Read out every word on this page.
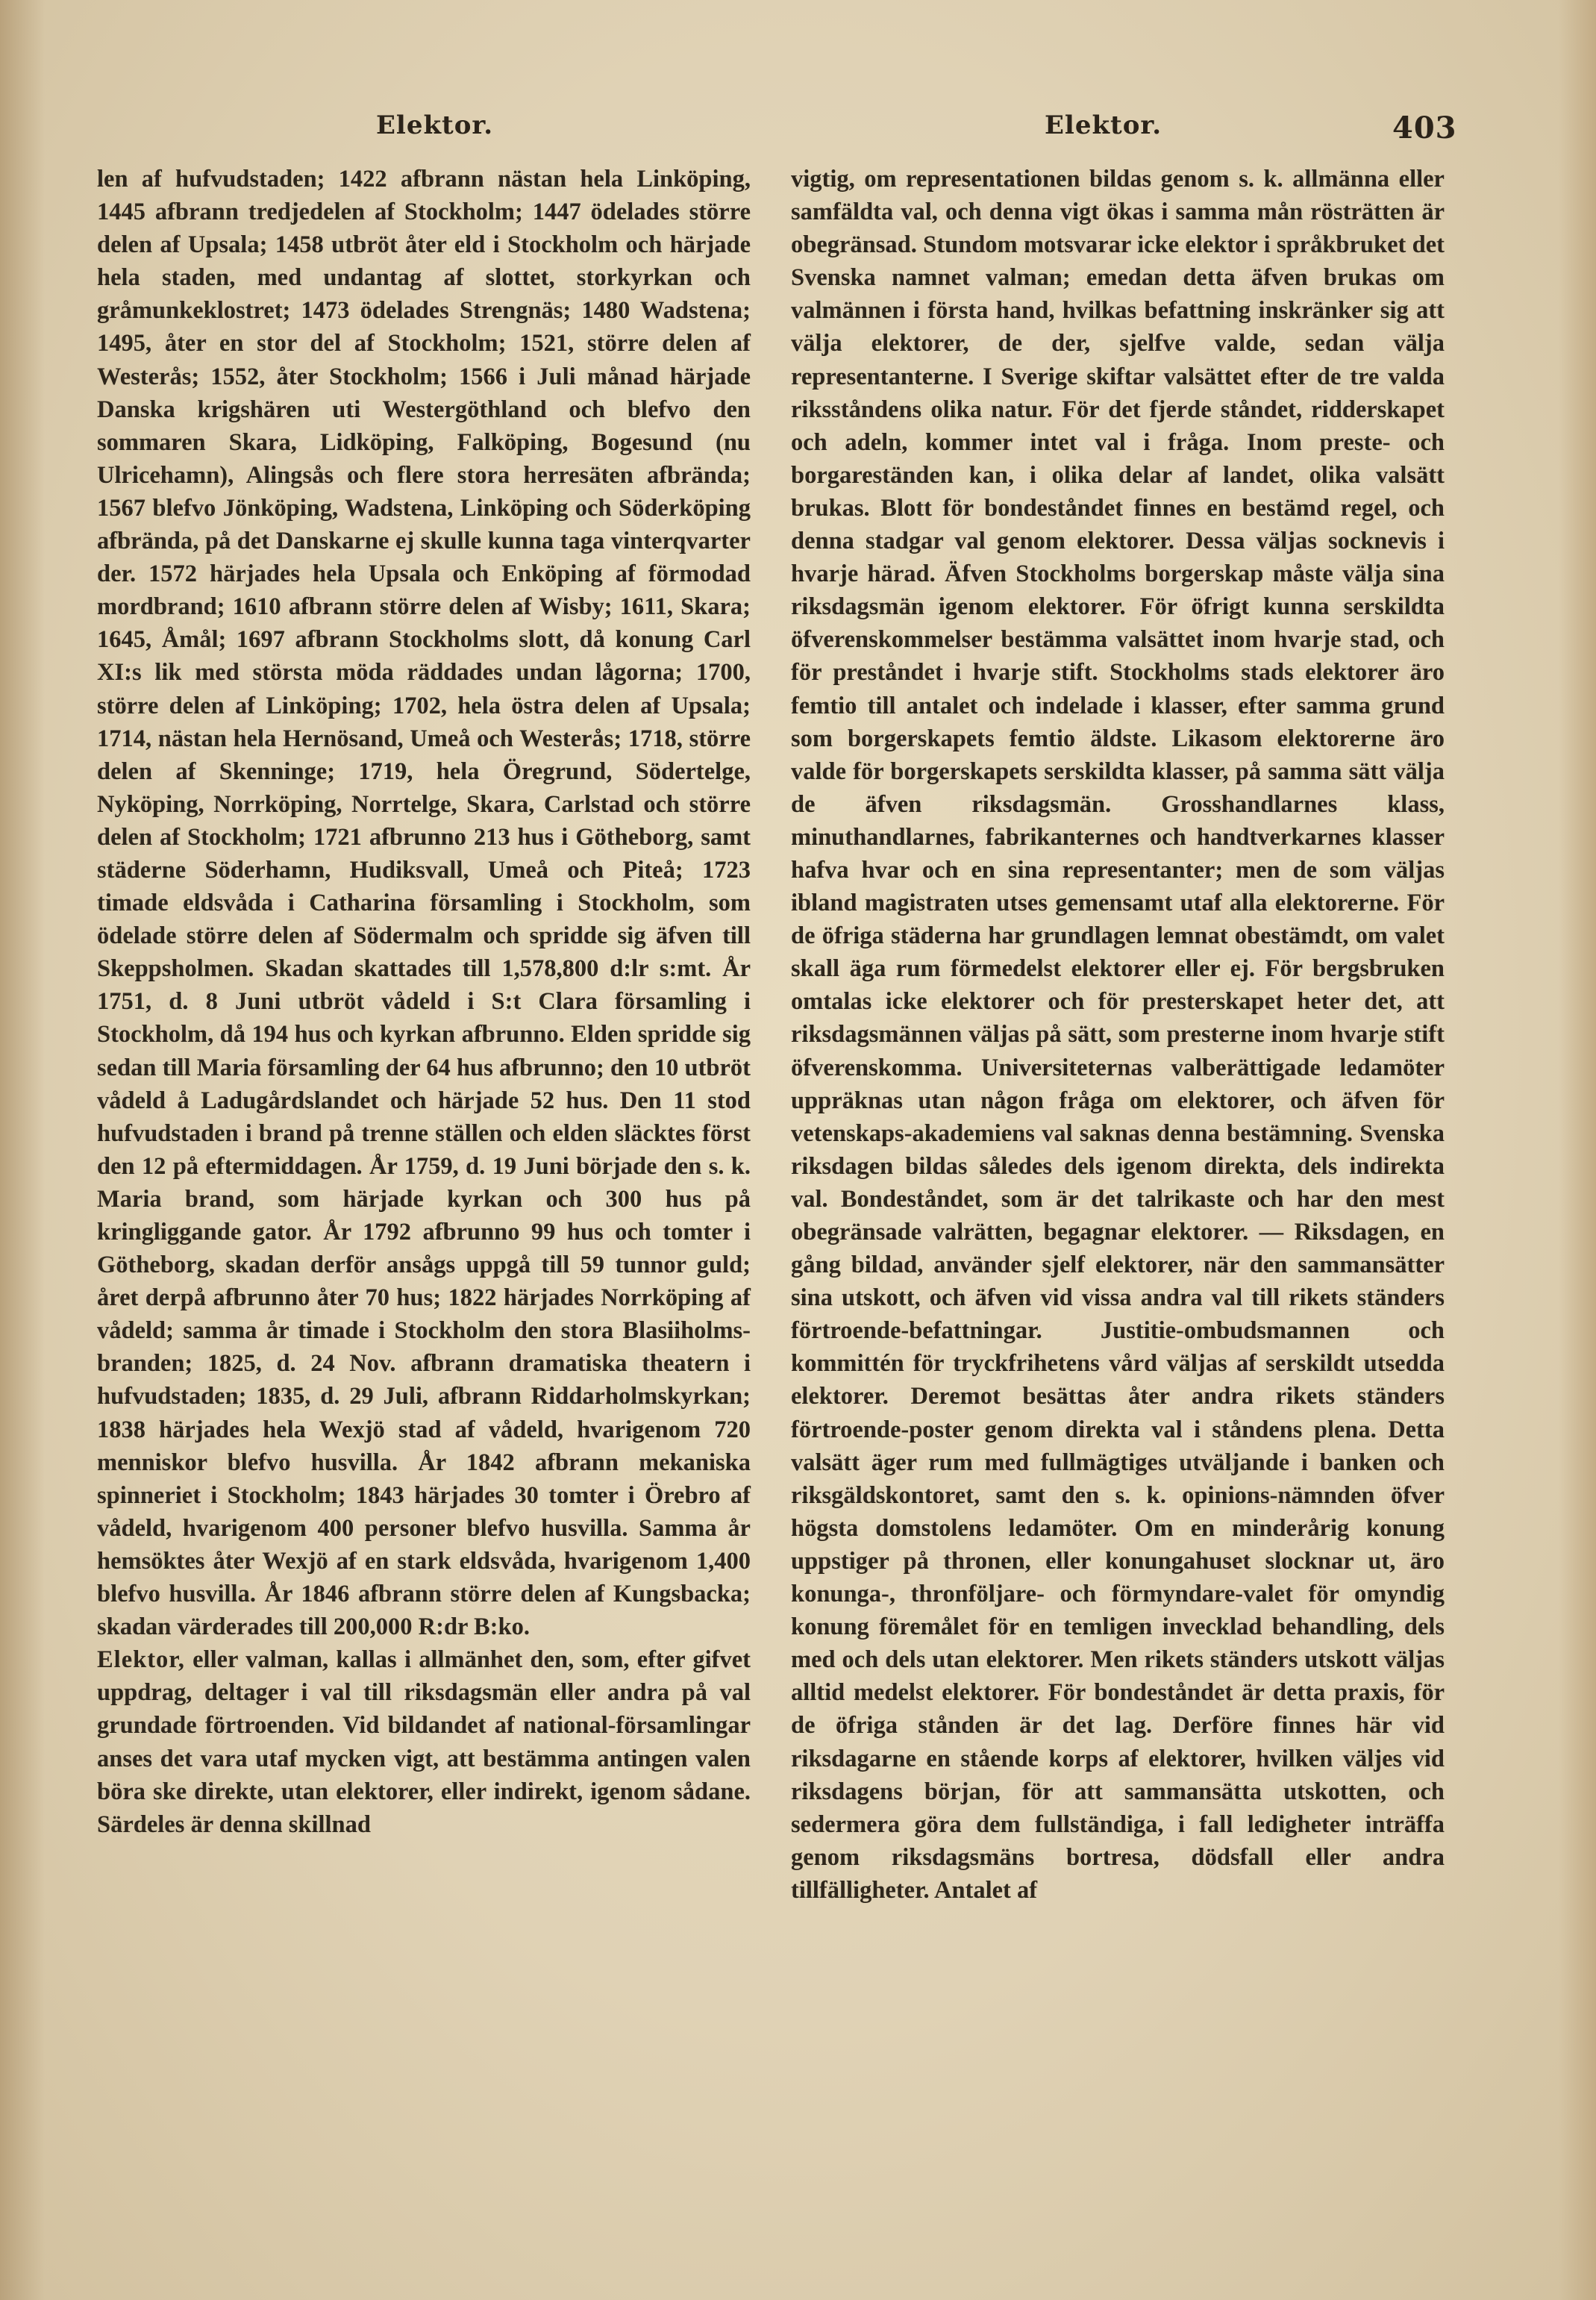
Elektor.	Elektor.	403

len af hufvudstaden; 1422 afbrann nästan hela Linköping, 1445 afbrann tredjedelen af Stockholm; 1447 ödelades större delen af Upsala; 1458 utbröt åter eld i Stockholm och härjade hela staden, med undantag af slottet, storkyrkan och gråmunkeklostret; 1473 ödelades Strengnäs; 1480 Wadstena; 1495, åter en stor del af Stockholm; 1521, större delen af Westerås; 1552, åter Stockholm; 1566 i Juli månad härjade Danska krigshären uti Westergöthland och blefvo den sommaren Skara, Lidköping, Falköping, Bogesund (nu Ulricehamn), Alingsås och flere stora herresäten afbrända; 1567 blefvo Jönköping, Wadstena, Linköping och Söderköping afbrända, på det Danskarne ej skulle kunna taga vinterqvarter der. 1572 härjades hela Upsala och Enköping af förmodad mordbrand; 1610 afbrann större delen af Wisby; 1611, Skara; 1645, Åmål; 1697 afbrann Stockholms slott, då konung Carl XI:s lik med största möda räddades undan lågorna; 1700, större delen af Linköping; 1702, hela östra delen af Upsala; 1714, nästan hela Hernösand, Umeå och Westerås; 1718, större delen af Skenninge; 1719, hela Öregrund, Södertelge, Nyköping, Norrköping, Norrtelge, Skara, Carlstad och större delen af Stockholm; 1721 afbrunno 213 hus i Götheborg, samt städerne Söderhamn, Hudiksvall, Umeå och Piteå; 1723 timade eldsvåda i Catharina församling i Stockholm, som ödelade större delen af Södermalm och spridde sig äfven till Skeppsholmen. Skadan skattades till 1,578,800 d:lr s:mt. År 1751, d. 8 Juni utbröt vådeld i S:t Clara församling i Stockholm, då 194 hus och kyrkan afbrunno. Elden spridde sig sedan till Maria församling der 64 hus afbrunno; den 10 utbröt vådeld å Ladugårdslandet och härjade 52 hus. Den 11 stod hufvudstaden i brand på trenne ställen och elden släcktes först den 12 på eftermiddagen. År 1759, d. 19 Juni började den s. k. Maria brand, som härjade kyrkan och 300 hus på kringliggande gator. År 1792 afbrunno 99 hus och tomter i Götheborg, skadan derför ansågs uppgå till 59 tunnor guld; året derpå afbrunno åter 70 hus; 1822 härjades Norrköping af vådeld; samma år timade i Stockholm den stora Blasiiholms-branden; 1825, d. 24 Nov. afbrann dramatiska theatern i hufvudstaden; 1835, d. 29 Juli, afbrann Riddarholmskyrkan; 1838 härjades hela Wexjö stad af vådeld, hvarigenom 720 menniskor blefvo husvilla. År 1842 afbrann mekaniska spinneriet i Stockholm; 1843 härjades 30 tomter i Örebro af vådeld, hvarigenom 400 personer blefvo husvilla. Samma år hemsöktes åter Wexjö af en stark eldsvåda, hvarigenom 1,400 blefvo husvilla. År 1846 afbrann större delen af Kungsbacka; skadan värderades till 200,000 R:dr B:ko.

Elektor, eller valman, kallas i allmänhet den, som, efter gifvet uppdrag, deltager i val till riksdagsmän eller andra på val grundade förtroenden. Vid bildandet af national-församlingar anses det vara utaf mycken vigt, att bestämma antingen valen böra ske direkte, utan elektorer, eller indirekt, igenom sådane. Särdeles är denna skillnad

vigtig, om representationen bildas genom s. k. allmänna eller samfäldta val, och denna vigt ökas i samma mån rösträtten är obegränsad. Stundom motsvarar icke elektor i språkbruket det Svenska namnet valman; emedan detta äfven brukas om valmännen i första hand, hvilkas befattning inskränker sig att välja elektorer, de der, sjelfve valde, sedan välja representanterne. I Sverige skiftar valsättet efter de tre valda riksståndens olika natur. För det fjerde ståndet, ridderskapet och adeln, kommer intet val i fråga. Inom preste- och borgareständen kan, i olika delar af landet, olika valsätt brukas. Blott för bondeståndet finnes en bestämd regel, och denna stadgar val genom elektorer. Dessa väljas socknevis i hvarje härad. Äfven Stockholms borgerskap måste välja sina riksdagsmän igenom elektorer. För öfrigt kunna serskildta öfverenskommelser bestämma valsättet inom hvarje stad, och för preståndet i hvarje stift. Stockholms stads elektorer äro femtio till antalet och indelade i klasser, efter samma grund som borgerskapets femtio äldste. Likasom elektorerne äro valde för borgerskapets serskildta klasser, på samma sätt välja de äfven riksdagsmän. Grosshandlarnes klass, minuthandlarnes, fabrikanternes och handtverkarnes klasser hafva hvar och en sina representanter; men de som väljas ibland magistraten utses gemensamt utaf alla elektorerne. För de öfriga städerna har grundlagen lemnat obestämdt, om valet skall äga rum förmedelst elektorer eller ej. För bergsbruken omtalas icke elektorer och för presterskapet heter det, att riksdagsmännen väljas på sätt, som presterne inom hvarje stift öfverenskomma. Universiteternas valberättigade ledamöter uppräknas utan någon fråga om elektorer, och äfven för vetenskaps-akademiens val saknas denna bestämning. Svenska riksdagen bildas således dels igenom direkta, dels indirekta val. Bondeståndet, som är det talrikaste och har den mest obegränsade valrätten, begagnar elektorer. — Riksdagen, en gång bildad, använder sjelf elektorer, när den sammansätter sina utskott, och äfven vid vissa andra val till rikets ständers förtroende-befattningar. Justitie-ombudsmannen och kommittén för tryckfrihetens vård väljas af serskildt utsedda elektorer. Deremot besättas åter andra rikets ständers förtroende-poster genom direkta val i ståndens plena. Detta valsätt äger rum med fullmägtiges utväljande i banken och riksgäldskontoret, samt den s. k. opinions-nämnden öfver högsta domstolens ledamöter. Om en minderårig konung uppstiger på thronen, eller konungahuset slocknar ut, äro konunga-, thronföljare- och förmyndare-valet för omyndig konung föremålet för en temligen invecklad behandling, dels med och dels utan elektorer. Men rikets ständers utskott väljas alltid medelst elektorer. För bondeståndet är detta praxis, för de öfriga stånden är det lag. Derföre finnes här vid riksdagarne en stående korps af elektorer, hvilken väljes vid riksdagens början, för att sammansätta utskotten, och sedermera göra dem fullständiga, i fall ledigheter inträffa genom riksdagsmäns bortresa, dödsfall eller andra tillfälligheter. Antalet af
